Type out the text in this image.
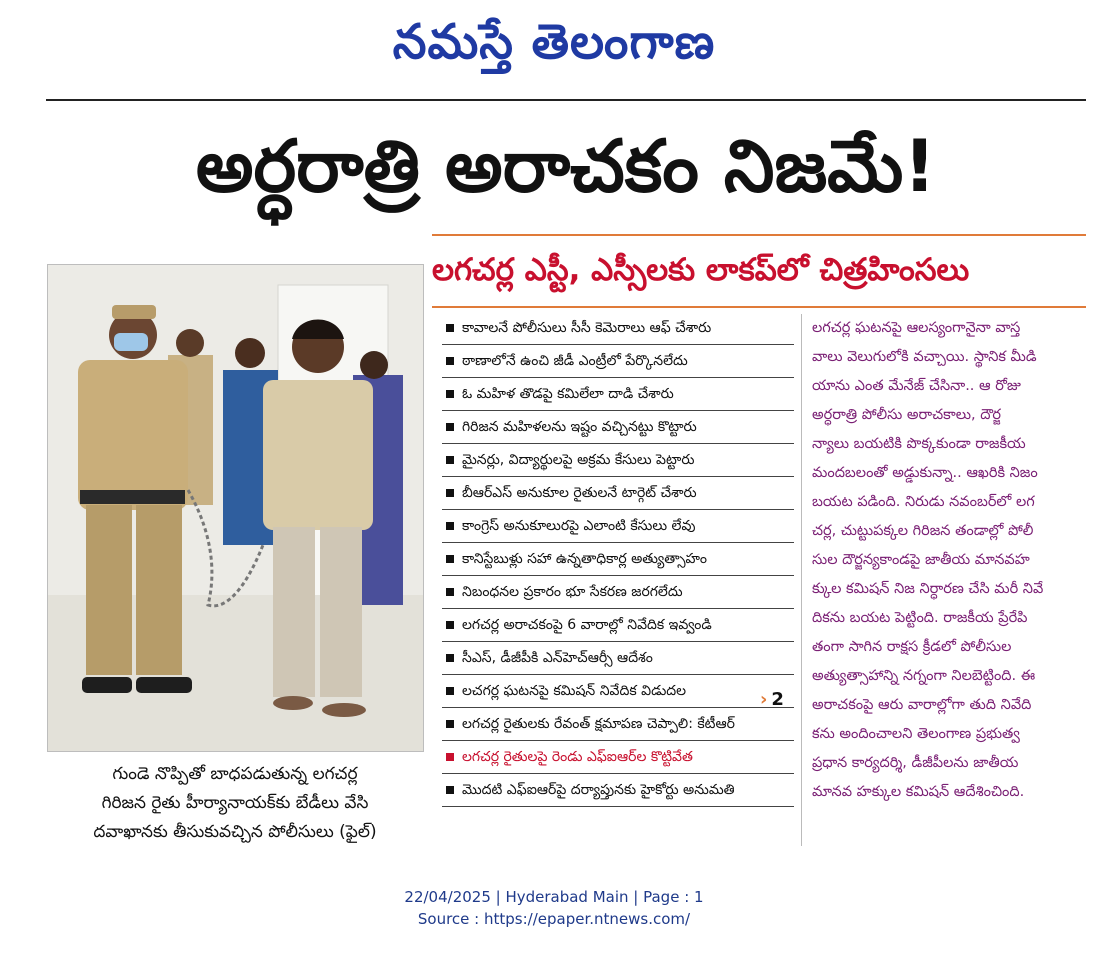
నమస్తే తెలంగాణ
అర్ధరాత్రి అరాచకం నిజమే!
లగచర్ల ఎస్టీ, ఎస్సీలకు లాకప్‌లో చిత్రహింసలు
గుండె నొప్పితో బాధపడుతున్న లగచర్ల
గిరిజన రైతు హీర్యానాయక్‌కు బేడీలు వేసి
దవాఖానకు తీసుకువచ్చిన పోలీసులు (ఫైల్)
కావాలనే పోలీసులు సీసీ కెమెరాలు ఆఫ్ చేశారు
ఠాణాలోనే ఉంచి జీడీ ఎంట్రీలో పేర్కొనలేదు
ఓ మహిళ తొడపై కమిలేలా దాడి చేశారు
గిరిజన మహిళలను ఇష్టం వచ్చినట్టు కొట్టారు
మైనర్లు, విద్యార్థులపై అక్రమ కేసులు పెట్టారు
బీఆర్ఎస్ అనుకూల రైతులనే టార్గెట్ చేశారు
కాంగ్రెస్ అనుకూలురపై ఎలాంటి కేసులు లేవు
కానిస్టేబుళ్లు సహా ఉన్నతాధికార్ల అత్యుత్సాహం
నిబంధనల ప్రకారం భూ సేకరణ జరగలేదు
లగచర్ల అరాచకంపై 6 వారాల్లో నివేదిక ఇవ్వండి
సీఎస్, డీజీపీకి ఎన్‌హెచ్‌ఆర్సీ ఆదేశం
లచగర్ల ఘటనపై కమిషన్ నివేదిక విడుదల
లగచర్ల రైతులకు రేవంత్ క్షమాపణ చెప్పాలి: కేటీఆర్
లగచర్ల రైతులపై రెండు ఎఫ్ఐఆర్‌ల కొట్టివేత
మొదటి ఎఫ్ఐఆర్‌పై దర్యాప్తునకు హైకోర్టు అనుమతి
› 2
లగచర్ల ఘటనపై ఆలస్యంగానైనా వాస్త
వాలు వెలుగులోకి వచ్చాయి. స్థానిక మీడి
యాను ఎంత మేనేజ్ చేసినా.. ఆ రోజు
అర్ధరాత్రి పోలీసు అరాచకాలు, దౌర్జ
న్యాలు బయటికి పొక్కకుండా రాజకీయ
మందబలంతో అడ్డుకున్నా.. ఆఖరికి నిజం
బయట పడింది. నిరుడు నవంబర్‌లో లగ
చర్ల, చుట్టుపక్కల గిరిజన తండాల్లో పోలీ
సుల దౌర్జన్యకాండపై జాతీయ మానవహ
క్కుల కమిషన్ నిజ నిర్ధారణ చేసి మరీ నివే
దికను బయట పెట్టింది. రాజకీయ ప్రేరేపి
తంగా సాగిన రాక్షస క్రీడలో పోలీసుల
అత్యుత్సాహాన్ని నగ్నంగా నిలబెట్టింది. ఈ
అరాచకంపై ఆరు వారాల్లోగా తుది నివేది
కను అందించాలని తెలంగాణ ప్రభుత్వ
ప్రధాన కార్యదర్శి, డీజీపీలను జాతీయ
మానవ హక్కుల కమిషన్ ఆదేశించింది.
22/04/2025 | Hyderabad Main | Page : 1
Source : https://epaper.ntnews.com/
